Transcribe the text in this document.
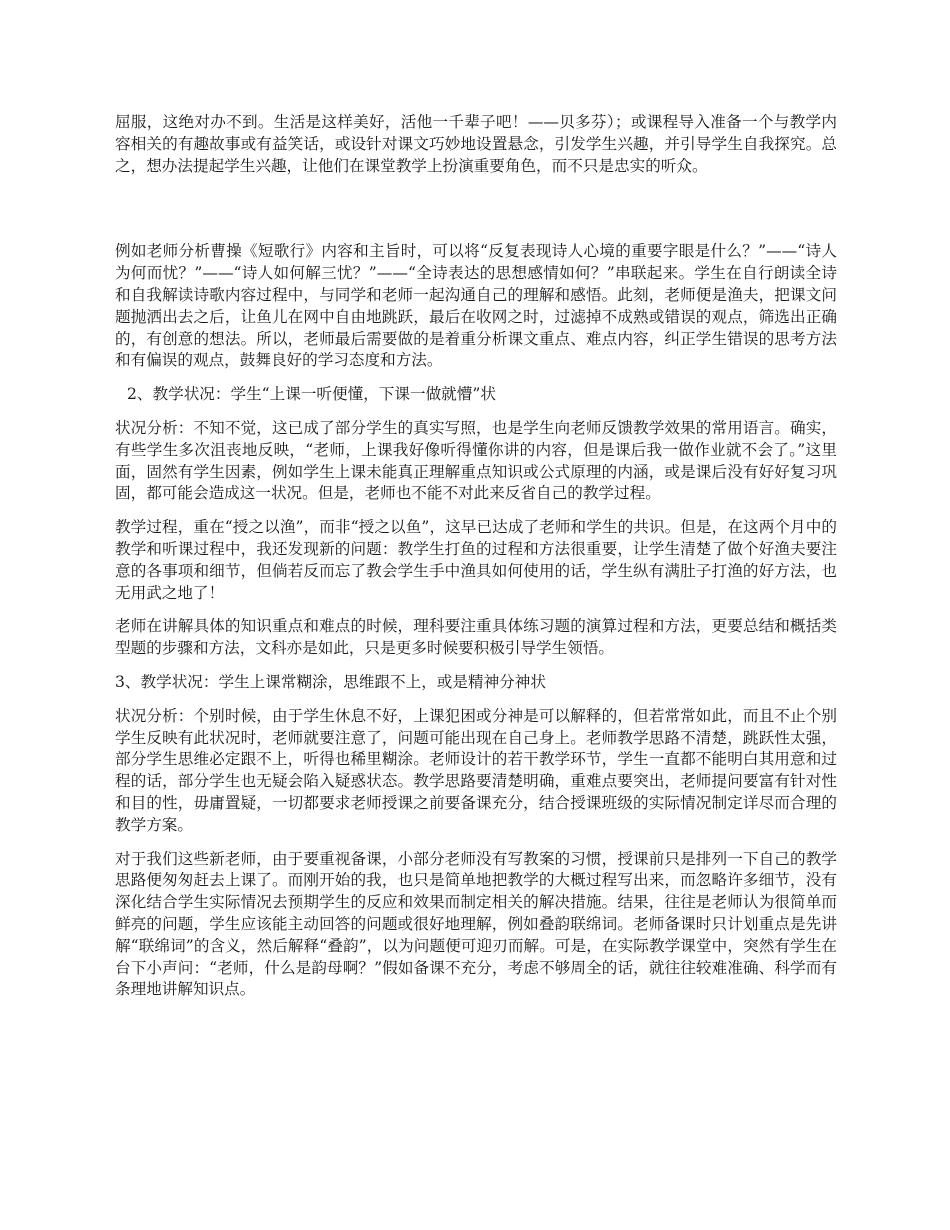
屈服，这绝对办不到。生活是这样美好，活他一千辈子吧！——贝多芬）；或课程导入准备一个与教学内容相关的有趣故事或有益笑话，或设针对课文巧妙地设置悬念，引发学生兴趣，并引导学生自我探究。总之，想办法提起学生兴趣，让他们在课堂教学上扮演重要角色，而不只是忠实的听众。

例如老师分析曹操《短歌行》内容和主旨时，可以将“反复表现诗人心境的重要字眼是什么？”——“诗人为何而忧？”——“诗人如何解三忧？”——“全诗表达的思想感情如何？”串联起来。学生在自行朗读全诗和自我解读诗歌内容过程中，与同学和老师一起沟通自己的理解和感悟。此刻，老师便是渔夫，把课文问题抛洒出去之后，让鱼儿在网中自由地跳跃，最后在收网之时，过滤掉不成熟或错误的观点，筛选出正确的，有创意的想法。所以，老师最后需要做的是着重分析课文重点、难点内容，纠正学生错误的思考方法和有偏误的观点，鼓舞良好的学习态度和方法。

2、教学状况：学生“上课一听便懂，下课一做就懵”状

状况分析：不知不觉，这已成了部分学生的真实写照，也是学生向老师反馈教学效果的常用语言。确实，有些学生多次沮丧地反映，“老师，上课我好像听得懂你讲的内容，但是课后我一做作业就不会了。”这里面，固然有学生因素，例如学生上课未能真正理解重点知识或公式原理的内涵，或是课后没有好好复习巩固，都可能会造成这一状况。但是，老师也不能不对此来反省自己的教学过程。

教学过程，重在“授之以渔”，而非“授之以鱼”，这早已达成了老师和学生的共识。但是，在这两个月中的教学和听课过程中，我还发现新的问题：教学生打鱼的过程和方法很重要，让学生清楚了做个好渔夫要注意的各事项和细节，但倘若反而忘了教会学生手中渔具如何使用的话，学生纵有满肚子打渔的好方法，也无用武之地了！

老师在讲解具体的知识重点和难点的时候，理科要注重具体练习题的演算过程和方法，更要总结和概括类型题的步骤和方法，文科亦是如此，只是更多时候要积极引导学生领悟。

3、教学状况：学生上课常糊涂，思维跟不上，或是精神分神状

状况分析：个别时候，由于学生休息不好，上课犯困或分神是可以解释的，但若常常如此，而且不止个别学生反映有此状况时，老师就要注意了，问题可能出现在自己身上。老师教学思路不清楚，跳跃性太强，部分学生思维必定跟不上，听得也稀里糊涂。老师设计的若干教学环节，学生一直都不能明白其用意和过程的话，部分学生也无疑会陷入疑惑状态。教学思路要清楚明确，重难点要突出，老师提问要富有针对性和目的性，毋庸置疑，一切都要求老师授课之前要备课充分，结合授课班级的实际情况制定详尽而合理的教学方案。

对于我们这些新老师，由于要重视备课，小部分老师没有写教案的习惯，授课前只是排列一下自己的教学思路便匆匆赶去上课了。而刚开始的我，也只是简单地把教学的大概过程写出来，而忽略许多细节，没有深化结合学生实际情况去预期学生的反应和效果而制定相关的解决措施。结果，往往是老师认为很简单而鲜亮的问题，学生应该能主动回答的问题或很好地理解，例如叠韵联绵词。老师备课时只计划重点是先讲解“联绵词”的含义，然后解释“叠韵”，以为问题便可迎刃而解。可是，在实际教学课堂中，突然有学生在台下小声问：“老师，什么是韵母啊？”假如备课不充分，考虑不够周全的话，就往往较难准确、科学而有条理地讲解知识点。
